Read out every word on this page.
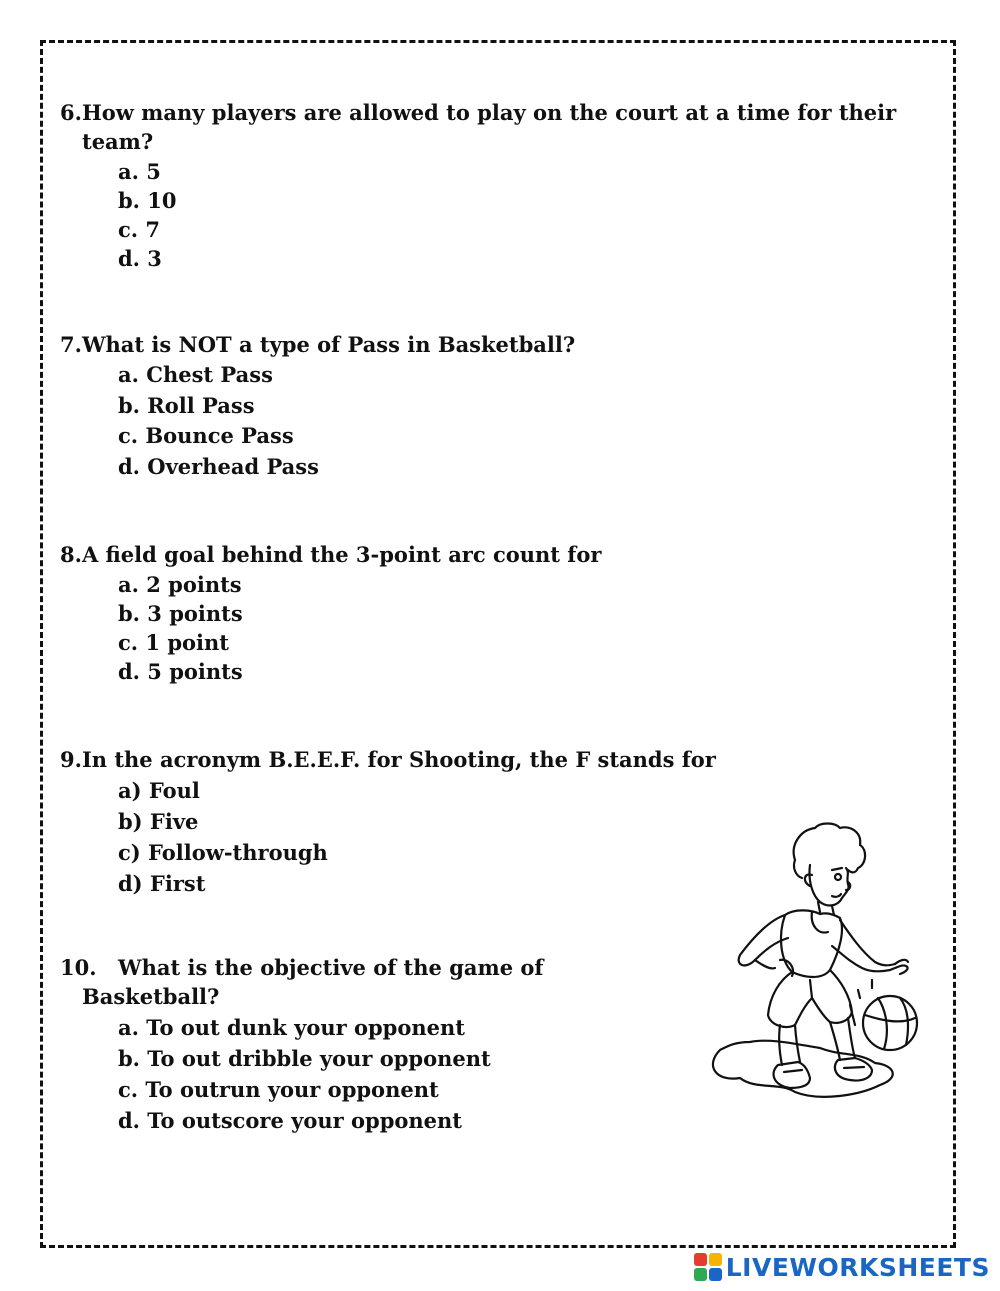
6.How many players are allowed to play on the court at a time for their team?
a. 5
b. 10
c. 7
d. 3
7.What is NOT a type of Pass in Basketball?
a. Chest Pass
b. Roll Pass
c. Bounce Pass
d. Overhead Pass
8.A field goal behind the 3-point arc count for
a. 2 points
b. 3 points
c. 1 point
d. 5 points
9.In the acronym B.E.E.F. for Shooting, the F stands for
a) Foul
b) Five
c) Follow-through
d) First
10. What is the objective of the game of Basketball?
a. To out dunk your opponent
b. To out dribble your opponent
c. To outrun your opponent
d. To outscore your opponent
LIVEWORKSHEETS
